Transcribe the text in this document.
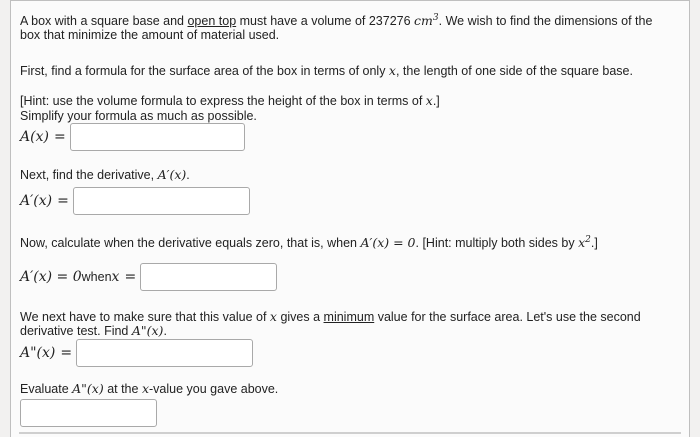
A box with a square base and open top must have a volume of 237276 $cm^3$. We wish to find the dimensions of the box that minimize the amount of material used.
First, find a formula for the surface area of the box in terms of only x, the length of one side of the square base.
[Hint: use the volume formula to express the height of the box in terms of x.]
Simplify your formula as much as possible.
A(x) =
Next, find the derivative, A′(x).
A′(x) =
Now, calculate when the derivative equals zero, that is, when A′(x) = 0. [Hint: multiply both sides by $x^2$.]
A′(x) = 0 when x =
We next have to make sure that this value of x gives a minimum value for the surface area. Let's use the second derivative test. Find A"(x).
A"(x) =
Evaluate A"(x) at the x-value you gave above.
